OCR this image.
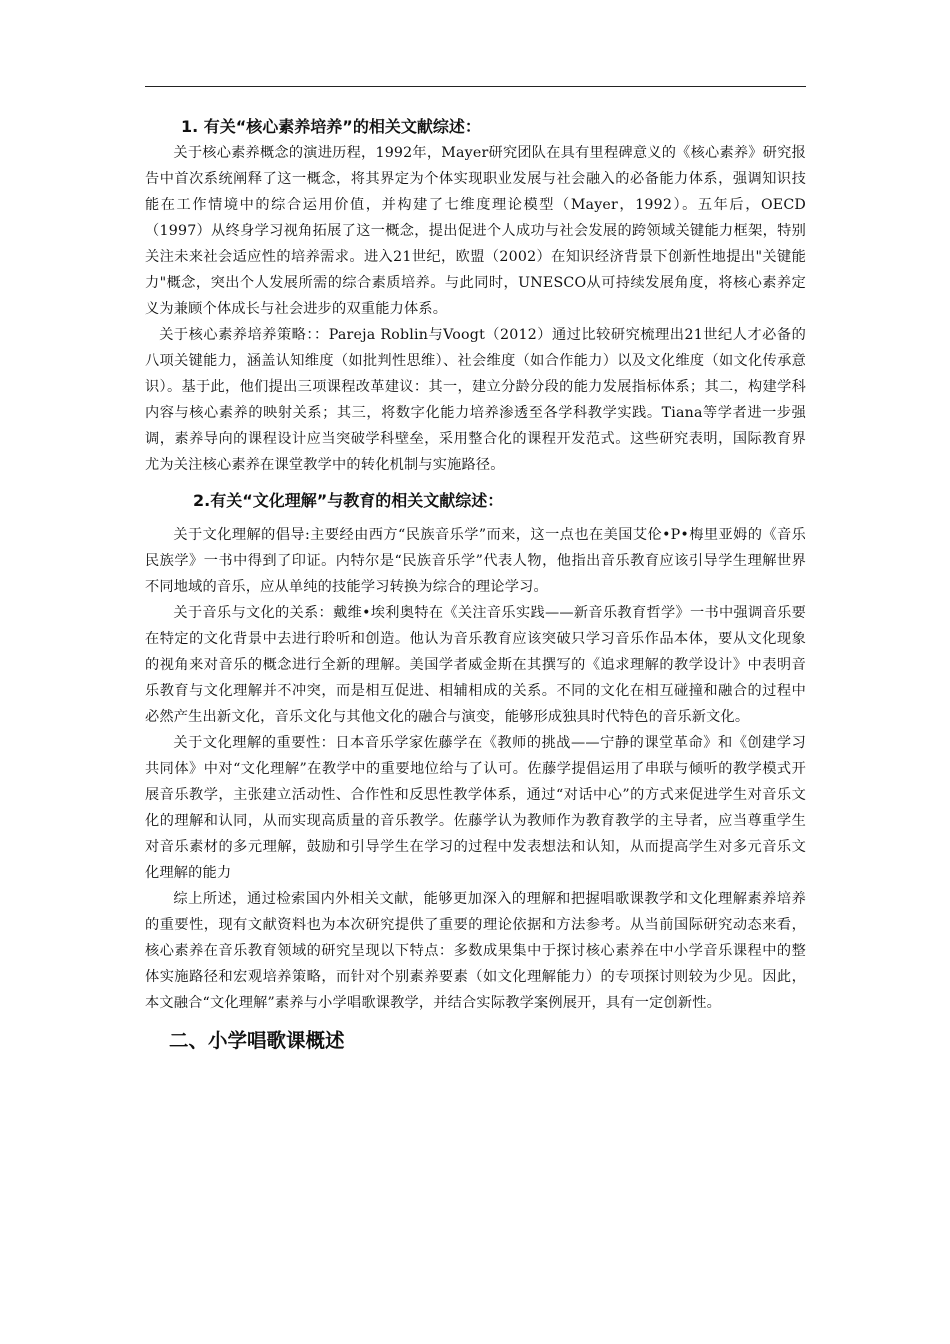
1. 有关“核心素养培养”的相关文献综述：

关于核心素养概念的演进历程，1992年，Mayer研究团队在具有里程碑意义的《核心素养》研究报告中首次系统阐释了这一概念，将其界定为个体实现职业发展与社会融入的必备能力体系，强调知识技能在工作情境中的综合运用价值，并构建了七维度理论模型（Mayer，1992）。五年后，OECD（1997）从终身学习视角拓展了这一概念，提出促进个人成功与社会发展的跨领域关键能力框架，特别关注未来社会适应性的培养需求。进入21世纪，欧盟（2002）在知识经济背景下创新性地提出"关键能力"概念，突出个人发展所需的综合素质培养。与此同时，UNESCO从可持续发展角度，将核心素养定义为兼顾个体成长与社会进步的双重能力体系。

关于核心素养培养策略：：Pareja Roblin与Voogt（2012）通过比较研究梳理出21世纪人才必备的八项关键能力，涵盖认知维度（如批判性思维）、社会维度（如合作能力）以及文化维度（如文化传承意识）。基于此，他们提出三项课程改革建议：其一，建立分龄分段的能力发展指标体系；其二，构建学科内容与核心素养的映射关系；其三，将数字化能力培养渗透至各学科教学实践。Tiana等学者进一步强调，素养导向的课程设计应当突破学科壁垒，采用整合化的课程开发范式。这些研究表明，国际教育界尤为关注核心素养在课堂教学中的转化机制与实施路径。

2.有关“文化理解”与教育的相关文献综述：

关于文化理解的倡导:主要经由西方“民族音乐学”而来，这一点也在美国艾伦•P•梅里亚姆的《音乐民族学》一书中得到了印证。内特尔是“民族音乐学”代表人物，他指出音乐教育应该引导学生理解世界不同地域的音乐，应从单纯的技能学习转换为综合的理论学习。

关于音乐与文化的关系：戴维•埃利奥特在《关注音乐实践——新音乐教育哲学》一书中强调音乐要在特定的文化背景中去进行聆听和创造。他认为音乐教育应该突破只学习音乐作品本体，要从文化现象的视角来对音乐的概念进行全新的理解。美国学者威金斯在其撰写的《追求理解的教学设计》中表明音乐教育与文化理解并不冲突，而是相互促进、相辅相成的关系。不同的文化在相互碰撞和融合的过程中必然产生出新文化，音乐文化与其他文化的融合与演变，能够形成独具时代特色的音乐新文化。

关于文化理解的重要性：日本音乐学家佐藤学在《教师的挑战——宁静的课堂革命》和《创建学习共同体》中对“文化理解”在教学中的重要地位给与了认可。佐藤学提倡运用了串联与倾听的教学模式开展音乐教学，主张建立活动性、合作性和反思性教学体系，通过“对话中心”的方式来促进学生对音乐文化的理解和认同，从而实现高质量的音乐教学。佐藤学认为教师作为教育教学的主导者，应当尊重学生对音乐素材的多元理解，鼓励和引导学生在学习的过程中发表想法和认知，从而提高学生对多元音乐文化理解的能力

综上所述，通过检索国内外相关文献，能够更加深入的理解和把握唱歌课教学和文化理解素养培养的重要性，现有文献资料也为本次研究提供了重要的理论依据和方法参考。从当前国际研究动态来看，核心素养在音乐教育领域的研究呈现以下特点：多数成果集中于探讨核心素养在中小学音乐课程中的整体实施路径和宏观培养策略，而针对个别素养要素（如文化理解能力）的专项探讨则较为少见。因此，本文融合“文化理解”素养与小学唱歌课教学，并结合实际教学案例展开，具有一定创新性。

二、小学唱歌课概述
